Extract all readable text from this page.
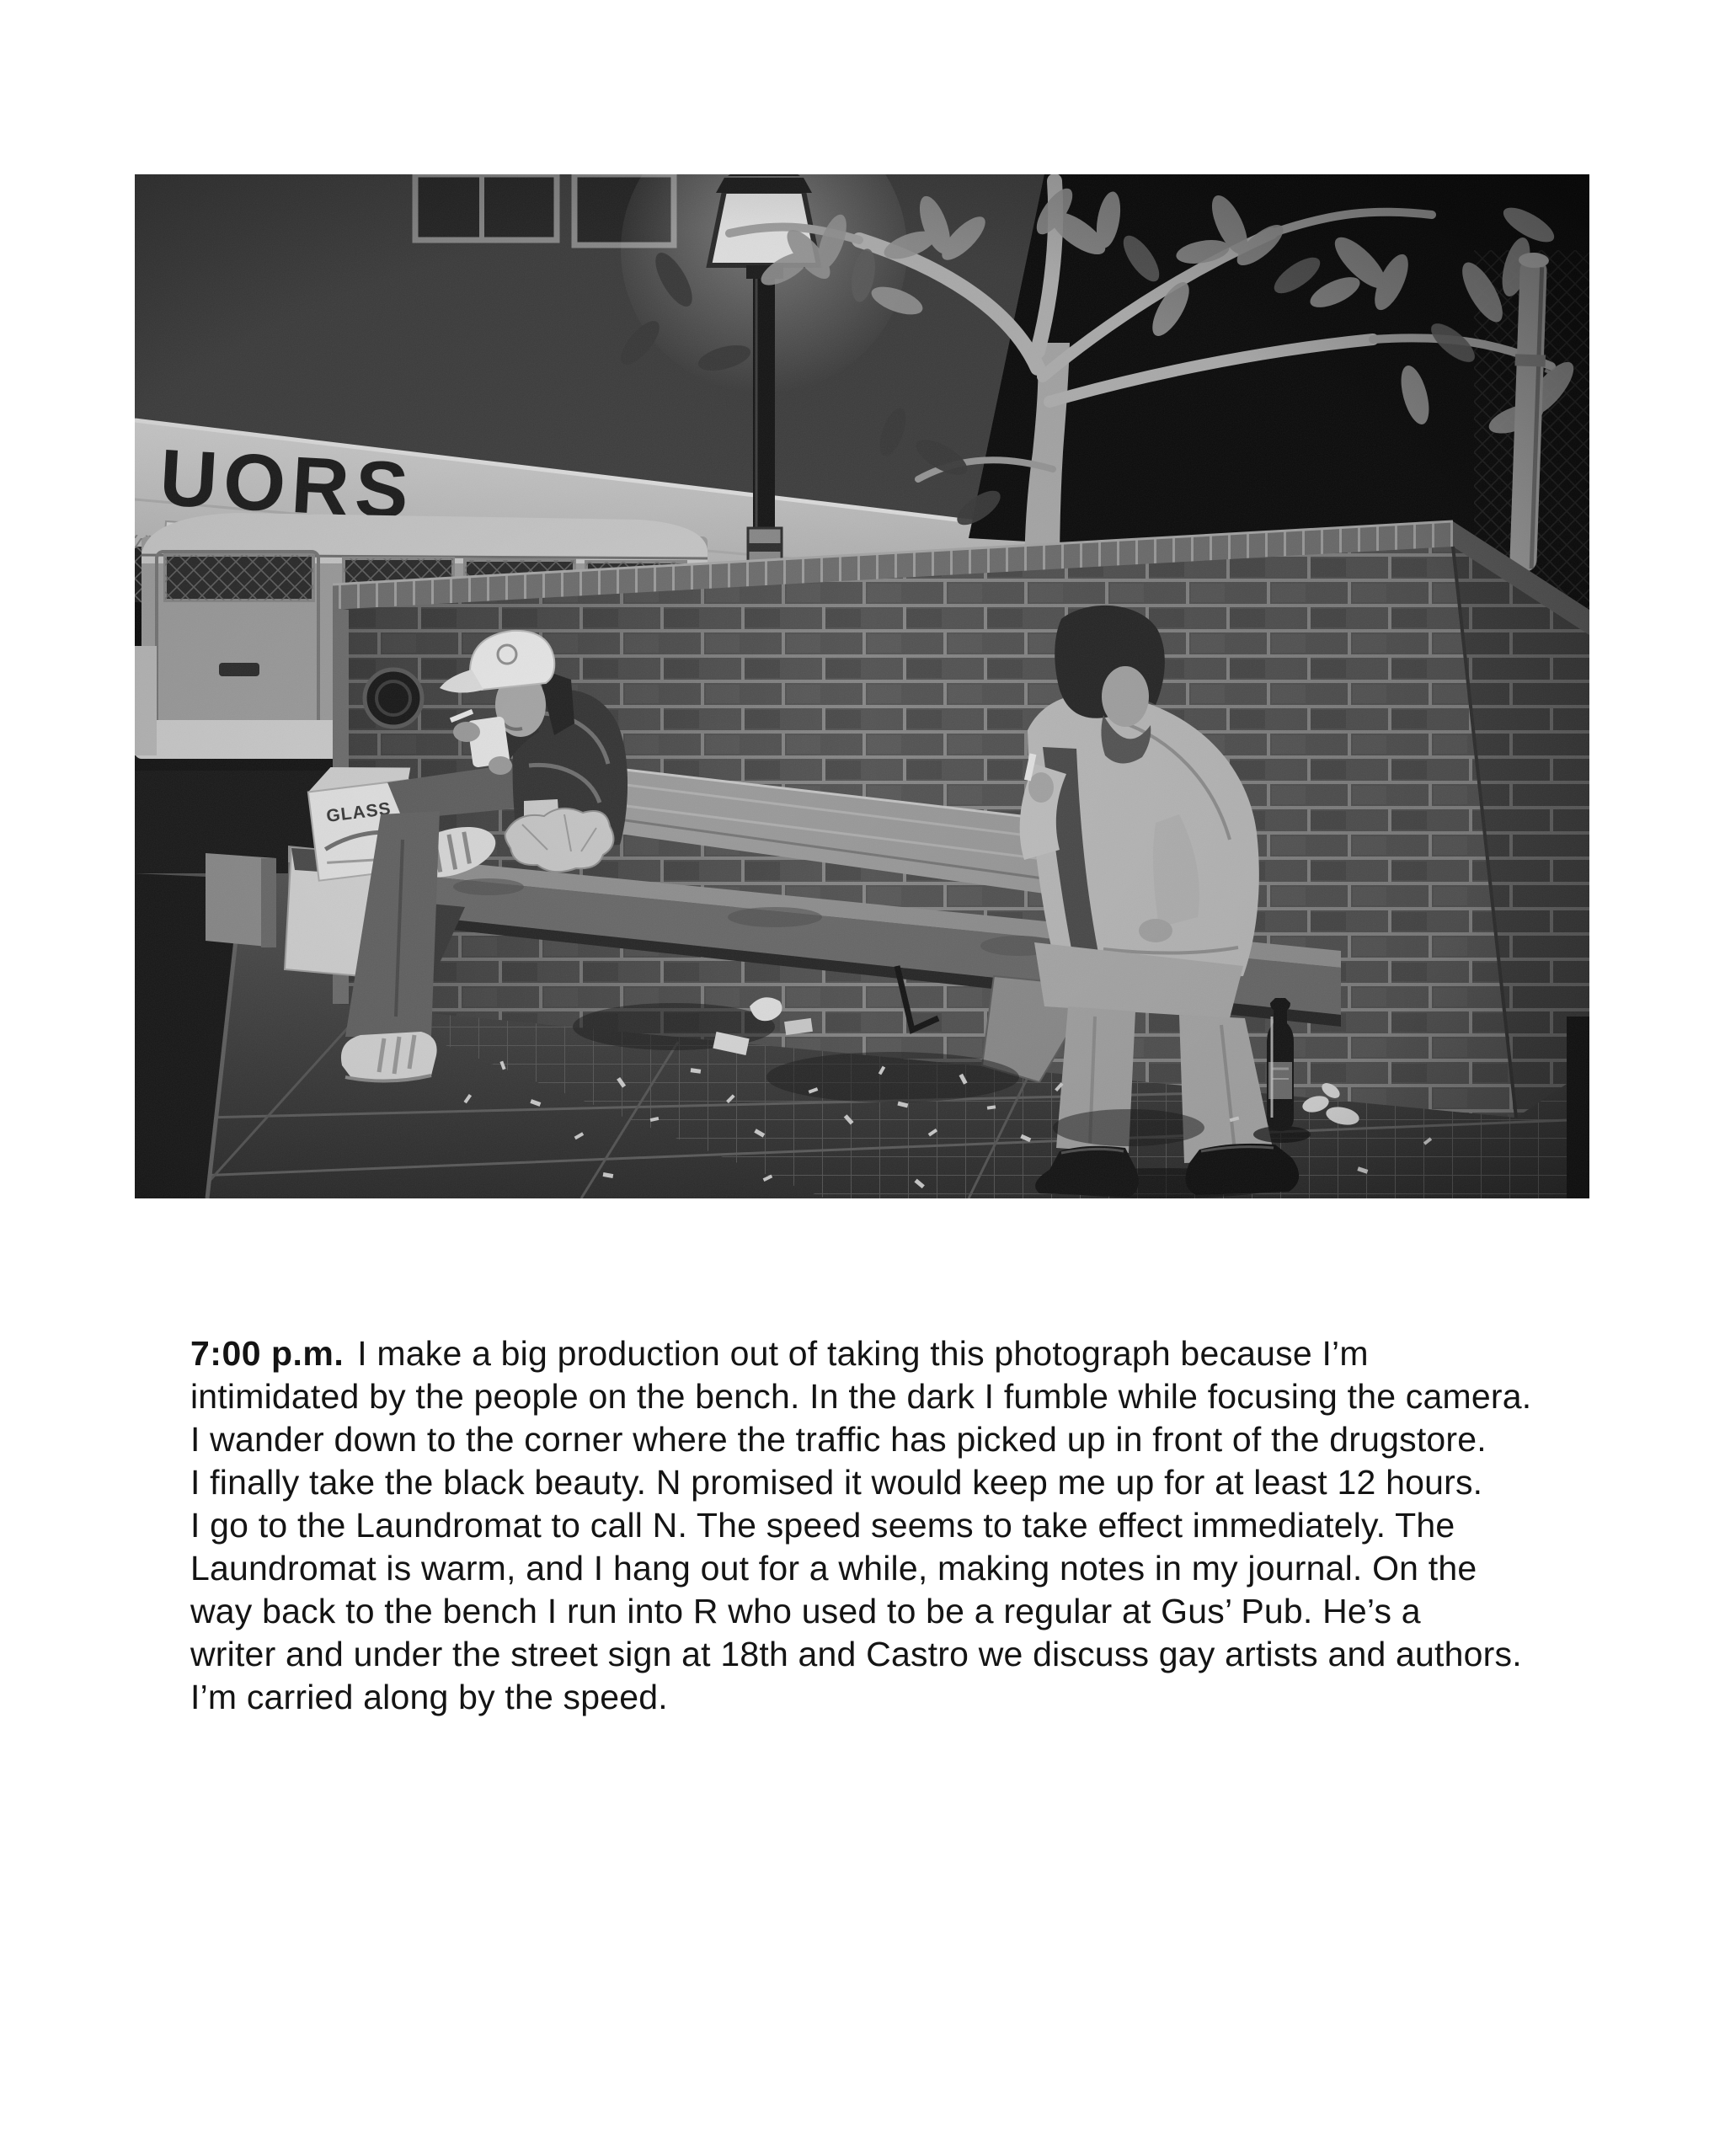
7:00 p.m. I make a big production out of taking this photograph because I’m

intimidated by the people on the bench. In the dark I fumble while focusing the camera.

I wander down to the corner where the traffic has picked up in front of the drugstore.

I finally take the black beauty. N promised it would keep me up for at least 12 hours.

I go to the Laundromat to call N. The speed seems to take effect immediately. The

Laundromat is warm, and I hang out for a while, making notes in my journal. On the

way back to the bench I run into R who used to be a regular at Gus’ Pub. He’s a

writer and under the street sign at 18th and Castro we discuss gay artists and authors.

I’m carried along by the speed.
